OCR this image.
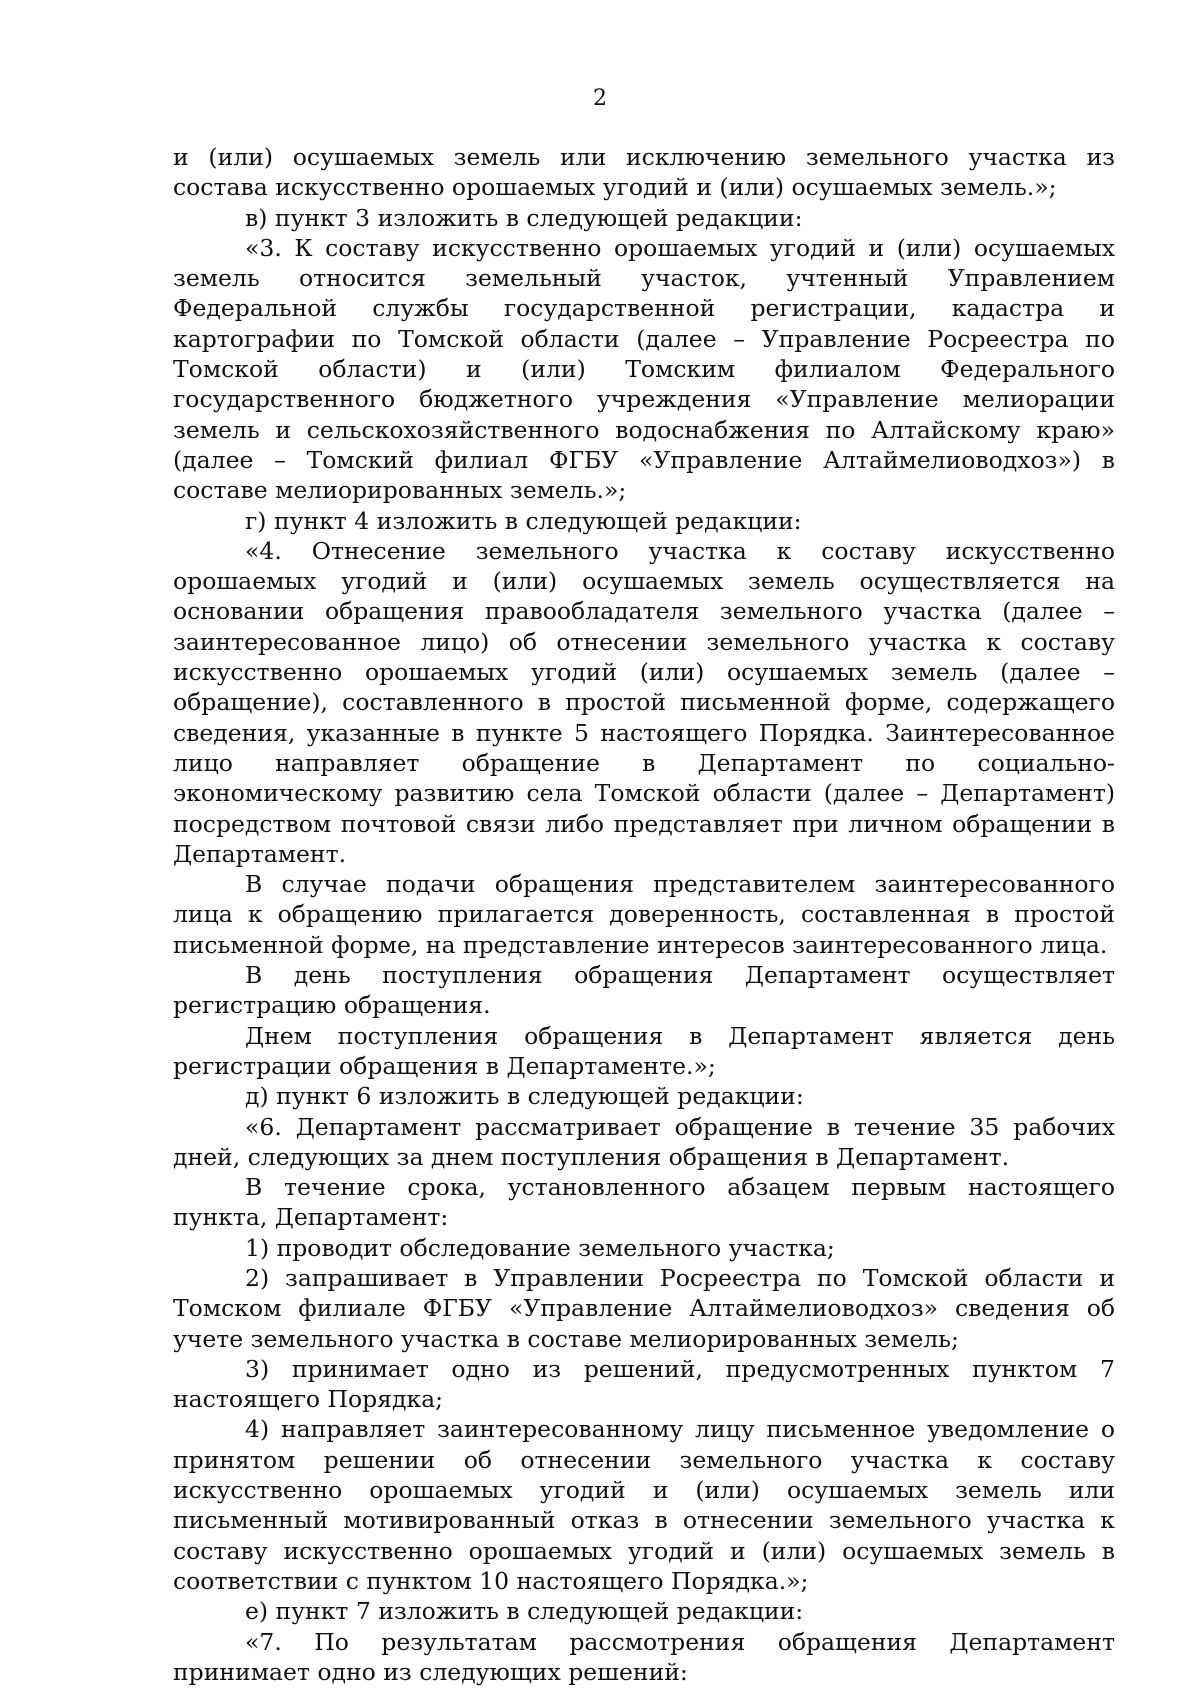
2

и (или) осушаемых земель или исключению земельного участка из состава искусственно орошаемых угодий и (или) осушаемых земель.»;

в) пункт 3 изложить в следующей редакции:

«3. К составу искусственно орошаемых угодий и (или) осушаемых земель относится земельный участок, учтенный Управлением Федеральной службы государственной регистрации, кадастра и картографии по Томской области (далее – Управление Росреестра по Томской области) и (или) Томским филиалом Федерального государственного бюджетного учреждения «Управление мелиорации земель и сельскохозяйственного водоснабжения по Алтайскому краю» (далее – Томский филиал ФГБУ «Управление Алтаймелиоводхоз») в составе мелиорированных земель.»;

г) пункт 4 изложить в следующей редакции:

«4. Отнесение земельного участка к составу искусственно орошаемых угодий и (или) осушаемых земель осуществляется на основании обращения правообладателя земельного участка (далее – заинтересованное лицо) об отнесении земельного участка к составу искусственно орошаемых угодий (или) осушаемых земель (далее – обращение), составленного в простой письменной форме, содержащего сведения, указанные в пункте 5 настоящего Порядка. Заинтересованное лицо направляет обращение в Департамент по социально-экономическому развитию села Томской области (далее – Департамент) посредством почтовой связи либо представляет при личном обращении в Департамент.

В случае подачи обращения представителем заинтересованного лица к обращению прилагается доверенность, составленная в простой письменной форме, на представление интересов заинтересованного лица.

В день поступления обращения Департамент осуществляет регистрацию обращения.

Днем поступления обращения в Департамент является день регистрации обращения в Департаменте.»;

д) пункт 6 изложить в следующей редакции:

«6. Департамент рассматривает обращение в течение 35 рабочих дней, следующих за днем поступления обращения в Департамент.

В течение срока, установленного абзацем первым настоящего пункта, Департамент:

1) проводит обследование земельного участка;

2) запрашивает в Управлении Росреестра по Томской области и Томском филиале ФГБУ «Управление Алтаймелиоводхоз» сведения об учете земельного участка в составе мелиорированных земель;

3) принимает одно из решений, предусмотренных пунктом 7 настоящего Порядка;

4) направляет заинтересованному лицу письменное уведомление о принятом решении об отнесении земельного участка к составу искусственно орошаемых угодий и (или) осушаемых земель или письменный мотивированный отказ в отнесении земельного участка к составу искусственно орошаемых угодий и (или) осушаемых земель в соответствии с пунктом 10 настоящего Порядка.»;

е) пункт 7 изложить в следующей редакции:

«7. По результатам рассмотрения обращения Департамент принимает одно из следующих решений:
